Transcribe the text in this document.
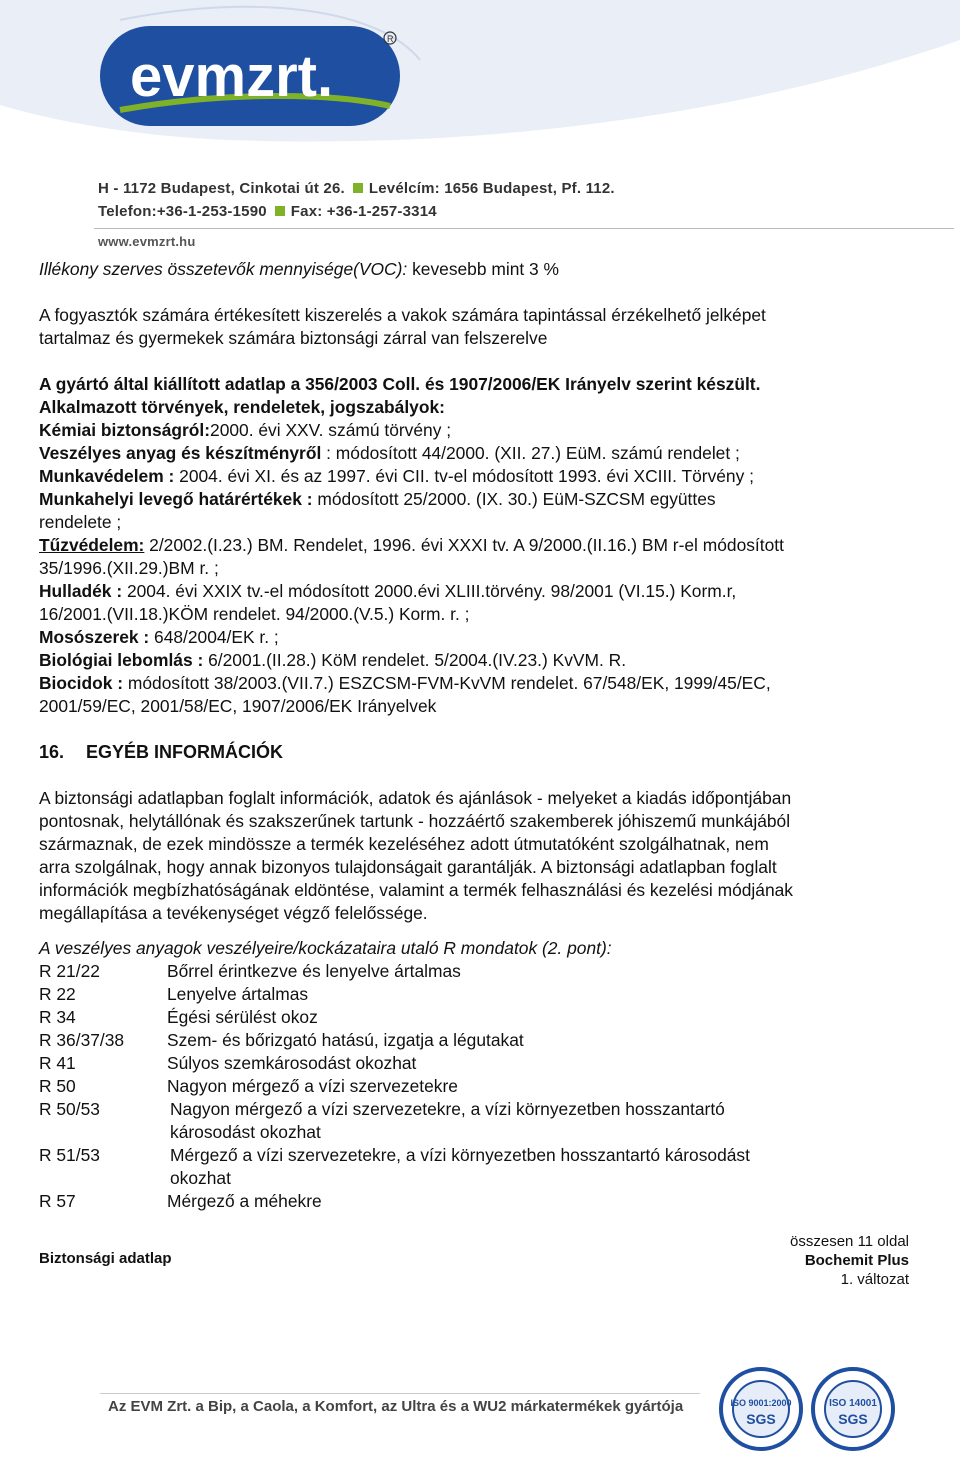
evmzrt.
R
H - 1172 Budapest, Cinkotai út 26. Levélcím: 1656 Budapest, Pf. 112.
Telefon:+36-1-253-1590 Fax: +36-1-257-3314
www.evmzrt.hu

Illékony szerves összetevők mennyisége(VOC): kevesebb mint 3 %

A fogyasztók számára értékesített kiszerelés a vakok számára tapintással érzékelhető jelképet

tartalmaz és gyermekek számára biztonsági zárral van felszerelve

A gyártó által kiállított adatlap a 356/2003 Coll. és 1907/2006/EK Irányelv szerint készült.

Alkalmazott törvények, rendeletek, jogszabályok:

Kémiai biztonságról:2000. évi XXV. számú törvény ;

Veszélyes anyag és készítményről : módosított 44/2000. (XII. 27.) EüM. számú rendelet ;

Munkavédelem : 2004. évi XI. és az 1997. évi CII. tv-el módosított 1993. évi XCIII. Törvény ;

Munkahelyi levegő határértékek : módosított 25/2000. (IX. 30.) EüM-SZCSM együttes

rendelete ;

Tűzvédelem: 2/2002.(I.23.) BM. Rendelet, 1996. évi XXXI tv. A 9/2000.(II.16.) BM r-el módosított

35/1996.(XII.29.)BM r. ;

Hulladék : 2004. évi XXIX tv.-el módosított 2000.évi XLIII.törvény. 98/2001 (VI.15.) Korm.r,

16/2001.(VII.18.)KÖM rendelet. 94/2000.(V.5.) Korm. r. ;

Mosószerek : 648/2004/EK r. ;

Biológiai lebomlás : 6/2001.(II.28.) KöM rendelet. 5/2004.(IV.23.) KvVM. R.

Biocidok : módosított 38/2003.(VII.7.) ESZCSM-FVM-KvVM rendelet. 67/548/EK, 1999/45/EC,

2001/59/EC, 2001/58/EC, 1907/2006/EK Irányelvek

16. EGYÉB INFORMÁCIÓK

A biztonsági adatlapban foglalt információk, adatok és ajánlások - melyeket a kiadás időpontjában

pontosnak, helytállónak és szakszerűnek tartunk - hozzáértő szakemberek jóhiszemű munkájából

származnak, de ezek mindössze a termék kezeléséhez adott útmutatóként szolgálhatnak, nem

arra szolgálnak, hogy annak bizonyos tulajdonságait garantálják. A biztonsági adatlapban foglalt

információk megbízhatóságának eldöntése, valamint a termék felhasználási és kezelési módjának

megállapítása a tevékenységet végző felelőssége.

A veszélyes anyagok veszélyeire/kockázataira utaló R mondatok (2. pont):

R 21/22	Bőrrel érintkezve és lenyelve ártalmas
R 22	Lenyelve ártalmas
R 34	Égési sérülést okoz
R 36/37/38	Szem- és bőrizgató hatású, izgatja a légutakat
R 41	Súlyos szemkárosodást okozhat
R 50	Nagyon mérgező a vízi szervezetekre
R 50/53	Nagyon mérgező a vízi szervezetekre, a vízi környezetben hosszantartó
károsodást okozhat
R 51/53	Mérgező a vízi szervezetekre, a vízi környezetben hosszantartó károsodást
okozhat
R 57	Mérgező a méhekre
Biztonsági adatlap
összesen 11 oldal
Bochemit Plus
1. változat
Az EVM Zrt. a Bip, a Caola, a Komfort, az Ultra és a WU2 márkatermékek gyártója	ISO 9001:2000
SGS
ISO 14001
SGS
